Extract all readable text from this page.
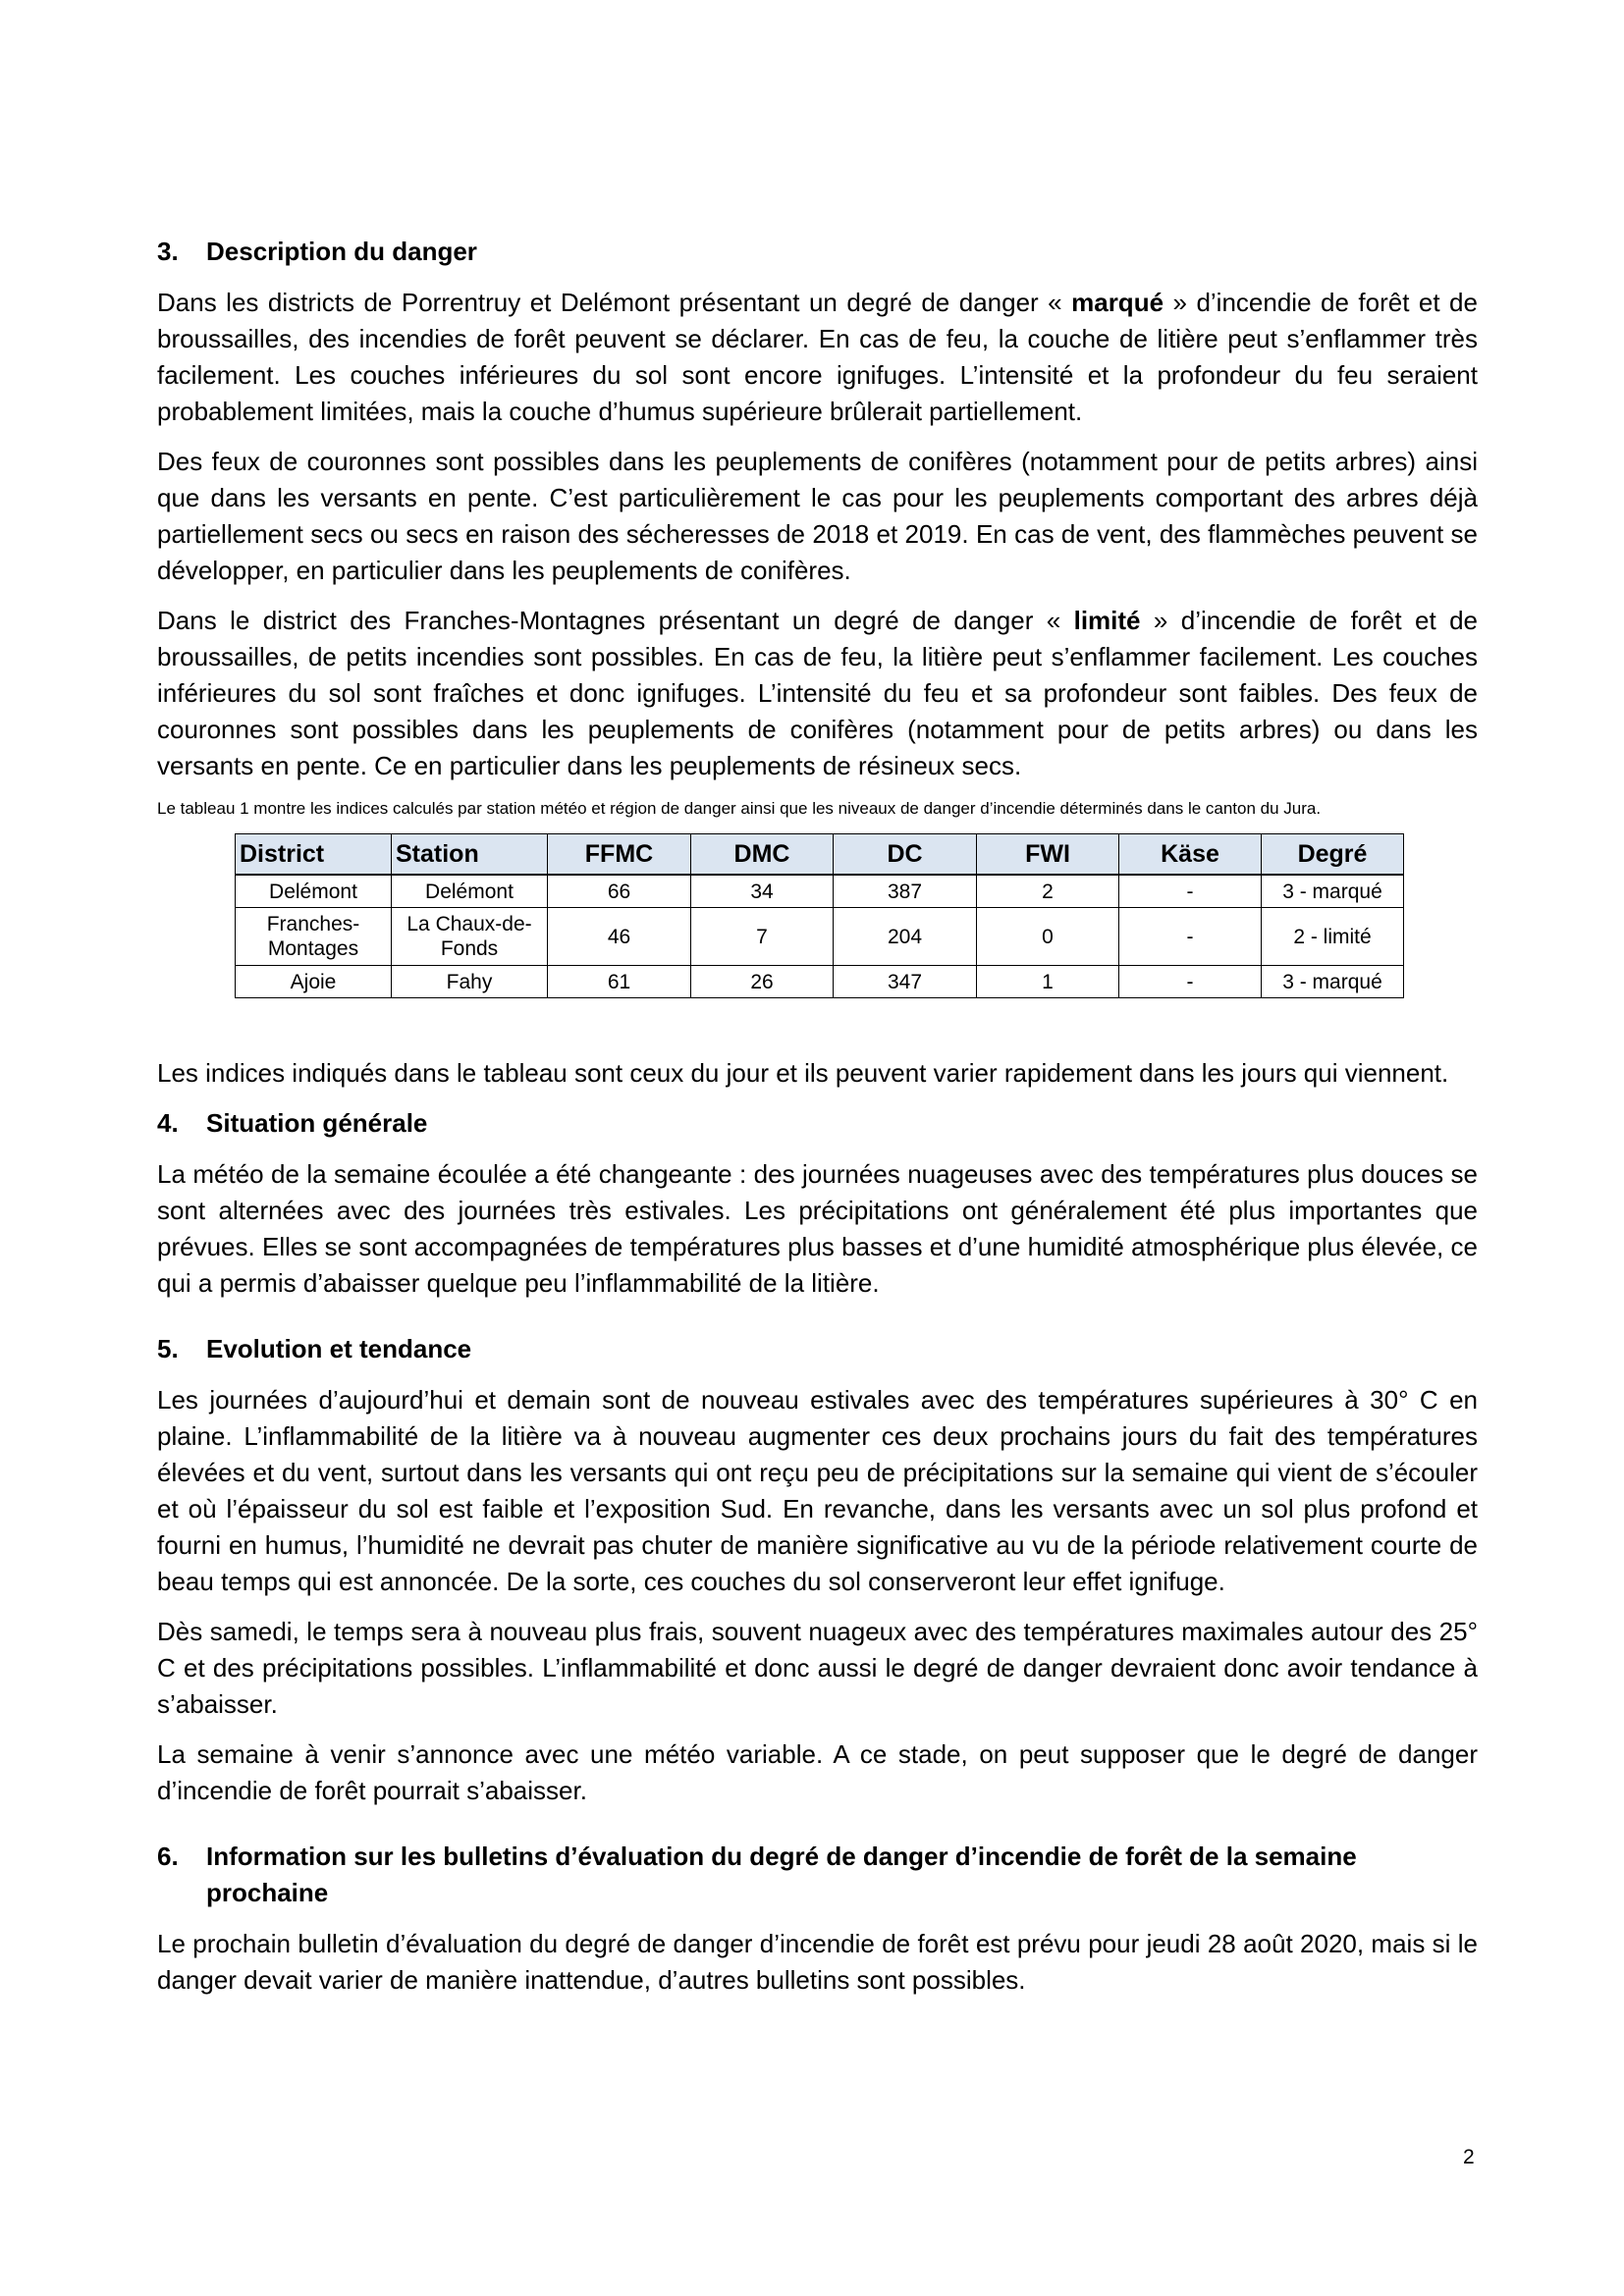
3.	Description du danger

Dans les districts de Porrentruy et Delémont présentant un degré de danger « marqué » d’incendie de forêt et de broussailles, des incendies de forêt peuvent se déclarer. En cas de feu, la couche de litière peut s’enflammer très facilement. Les couches inférieures du sol sont encore ignifuges. L’intensité et la profondeur du feu seraient probablement limitées, mais la couche d’humus supérieure brûlerait partiellement.

Des feux de couronnes sont possibles dans les peuplements de conifères (notamment pour de petits arbres) ainsi que dans les versants en pente. C’est particulièrement le cas pour les peuplements comportant des arbres déjà partiellement secs ou secs en raison des sécheresses de 2018 et 2019. En cas de vent, des flammèches peuvent se développer, en particulier dans les peuplements de conifères.

Dans le district des Franches-Montagnes présentant un degré de danger « limité » d’incendie de forêt et de broussailles, de petits incendies sont possibles. En cas de feu, la litière peut s’enflammer facilement. Les couches inférieures du sol sont fraîches et donc ignifuges. L’intensité du feu et sa profondeur sont faibles. Des feux de couronnes sont possibles dans les peuplements de conifères (notamment pour de petits arbres) ou dans les versants en pente. Ce en particulier dans les peuplements de résineux secs.

Le tableau 1 montre les indices calculés par station météo et région de danger ainsi que les niveaux de danger d’incendie déterminés dans le canton du Jura.

District	Station	FFMC	DMC	DC	FWI	Käse	Degré
Delémont	Delémont	66	34	387	2	-	3 - marqué
Franches-Montages	La Chaux-de-Fonds	46	7	204	0	-	2 - limité
Ajoie	Fahy	61	26	347	1	-	3 - marqué

Les indices indiqués dans le tableau sont ceux du jour et ils peuvent varier rapidement dans les jours qui viennent.

4.	Situation générale

La météo de la semaine écoulée a été changeante : des journées nuageuses avec des températures plus douces se sont alternées avec des journées très estivales. Les précipitations ont généralement été plus importantes que prévues. Elles se sont accompagnées de températures plus basses et d’une humidité atmosphérique plus élevée, ce qui a permis d’abaisser quelque peu l’inflammabilité de la litière.

5.	Evolution et tendance

Les journées d’aujourd’hui et demain sont de nouveau estivales avec des températures supérieures à 30° C en plaine. L’inflammabilité de la litière va à nouveau augmenter ces deux prochains jours du fait des températures élevées et du vent, surtout dans les versants qui ont reçu peu de précipitations sur la semaine qui vient de s’écouler et où l’épaisseur du sol est faible et l’exposition Sud. En revanche, dans les versants avec un sol plus profond et fourni en humus, l’humidité ne devrait pas chuter de manière significative au vu de la période relativement courte de beau temps qui est annoncée. De la sorte, ces couches du sol conserveront leur effet ignifuge.

Dès samedi, le temps sera à nouveau plus frais, souvent nuageux avec des températures maximales autour des 25° C et des précipitations possibles. L’inflammabilité et donc aussi le degré de danger devraient donc avoir tendance à s’abaisser.

La semaine à venir s’annonce avec une météo variable. A ce stade, on peut supposer que le degré de danger d’incendie de forêt pourrait s’abaisser.

6.	Information sur les bulletins d’évaluation du degré de danger d’incendie de forêt de la semaine prochaine

Le prochain bulletin d’évaluation du degré de danger d’incendie de forêt est prévu pour jeudi 28 août 2020, mais si le danger devait varier de manière inattendue, d’autres bulletins sont possibles.

2
